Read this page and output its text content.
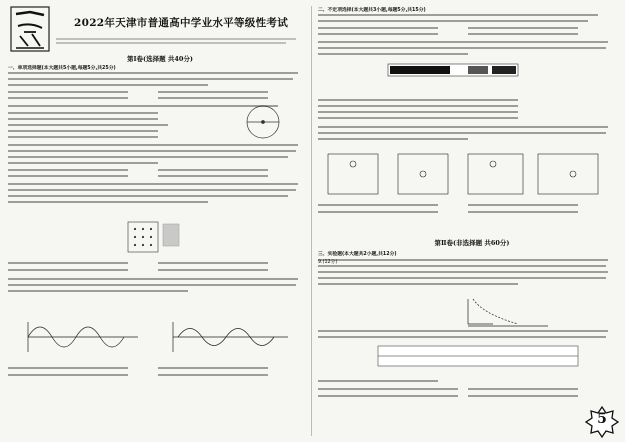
2022年天津市普通高中学业水平等级性考试
第Ⅰ卷(选择题 共40分)
一、单项选择题(本大题共5小题,每题5分,共25分)
二、不定项选择(本大题共3小题,每题5分,共15分)
第Ⅱ卷(非选择题 共60分)
三、实验题(本大题共2小题,共12分)
9.(12分)
5
